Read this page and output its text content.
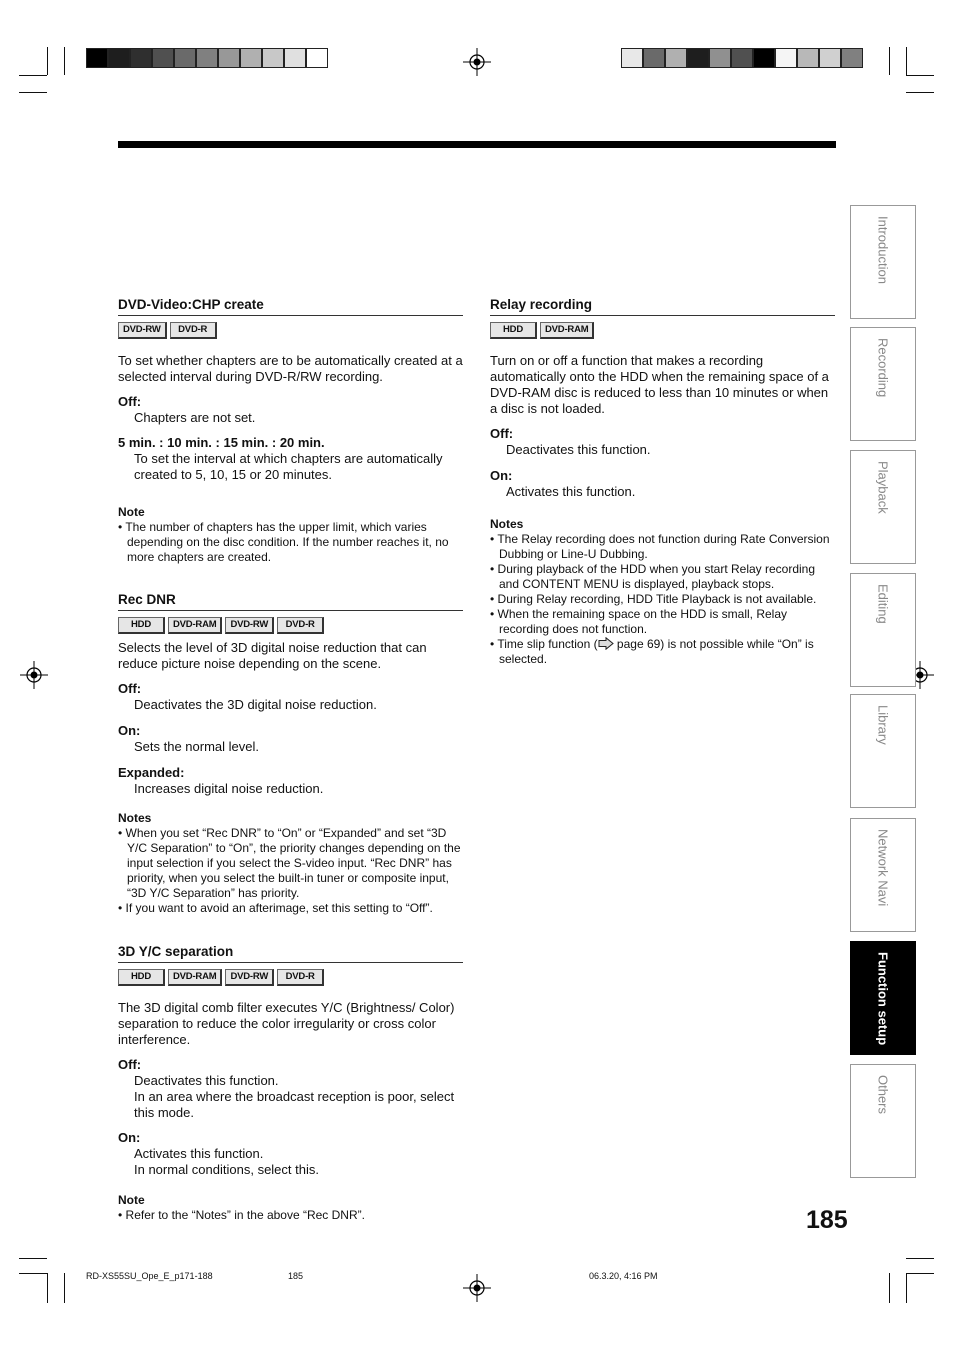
DVD-Video:CHP create
DVD-RW	DVD-R

To set whether chapters are to be automatically created at a selected interval during DVD-R/RW recording.

Off:

Chapters are not set.

5 min. : 10 min. : 15 min. : 20 min.

To set the interval at which chapters are automatically created to 5, 10, 15 or 20 minutes.

Note

• The number of chapters has the upper limit, which varies depending on the disc condition. If the number reaches it, no more chapters are created.
Rec DNR
HDD	DVD-RAM	DVD-RW	DVD-R

Selects the level of 3D digital noise reduction that can reduce picture noise depending on the scene.

Off:

Deactivates the 3D digital noise reduction.

On:

Sets the normal level.

Expanded:

Increases digital noise reduction.

Notes

• When you set “Rec DNR” to “On” or “Expanded” and set “3D Y/C Separation” to “On”, the priority changes depending on the input selection if you select the S-video input. “Rec DNR” has priority, when you select the built-in tuner or composite input, “3D Y/C Separation” has priority.
• If you want to avoid an afterimage, set this setting to “Off”.
3D Y/C separation
HDD	DVD-RAM	DVD-RW	DVD-R

The 3D digital comb filter executes Y/C (Brightness/ Color) separation to reduce the color irregularity or cross color interference.

Off:

Deactivates this function.

In an area where the broadcast reception is poor, select this mode.

On:

Activates this function.

In normal conditions, select this.

Note

• Refer to the “Notes” in the above “Rec DNR”.
Relay recording
HDD	DVD-RAM

Turn on or off a function that makes a recording automatically onto the HDD when the remaining space of a DVD-RAM disc is reduced to less than 10 minutes or when a disc is not loaded.

Off:

Deactivates this function.

On:

Activates this function.

Notes

• The Relay recording does not function during Rate Conversion Dubbing or Line-U Dubbing.
• During playback of the HDD when you start Relay recording and CONTENT MENU is displayed, playback stops.
• During Relay recording, HDD Title Playback is not available.
• When the remaining space on the HDD is small, Relay recording does not function.
• Time slip function ( page 69) is not possible while “On” is selected.
Introduction
Recording
Playback
Editing
Library
Network Navi
Function setup
Others
185
RD-XS55SU_Ope_E_p171-188	185	06.3.20, 4:16 PM
